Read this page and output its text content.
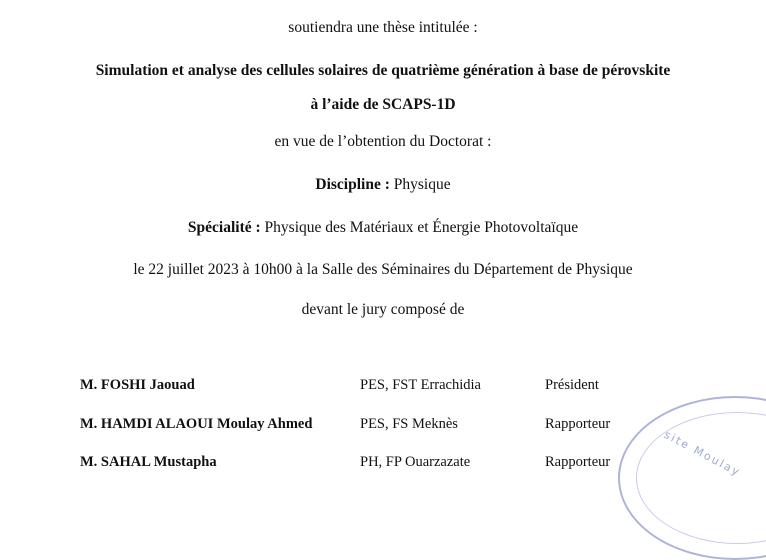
soutiendra une thèse intitulée :
Simulation et analyse des cellules solaires de quatrième génération à base de pérovskite
à l’aide de SCAPS-1D
en vue de l’obtention du Doctorat :
Discipline : Physique
Spécialité : Physique des Matériaux et Énergie Photovoltaïque
le 22 juillet 2023 à 10h00 à la Salle des Séminaires du Département de Physique
devant le jury composé de
M. FOSHI Jaouad	PES, FST Errachidia	Président
M. HAMDI ALAOUI Moulay Ahmed	PES, FS Meknès	Rapporteur
M. SAHAL Mustapha	PH, FP Ouarzazate	Rapporteur	site Moulay
